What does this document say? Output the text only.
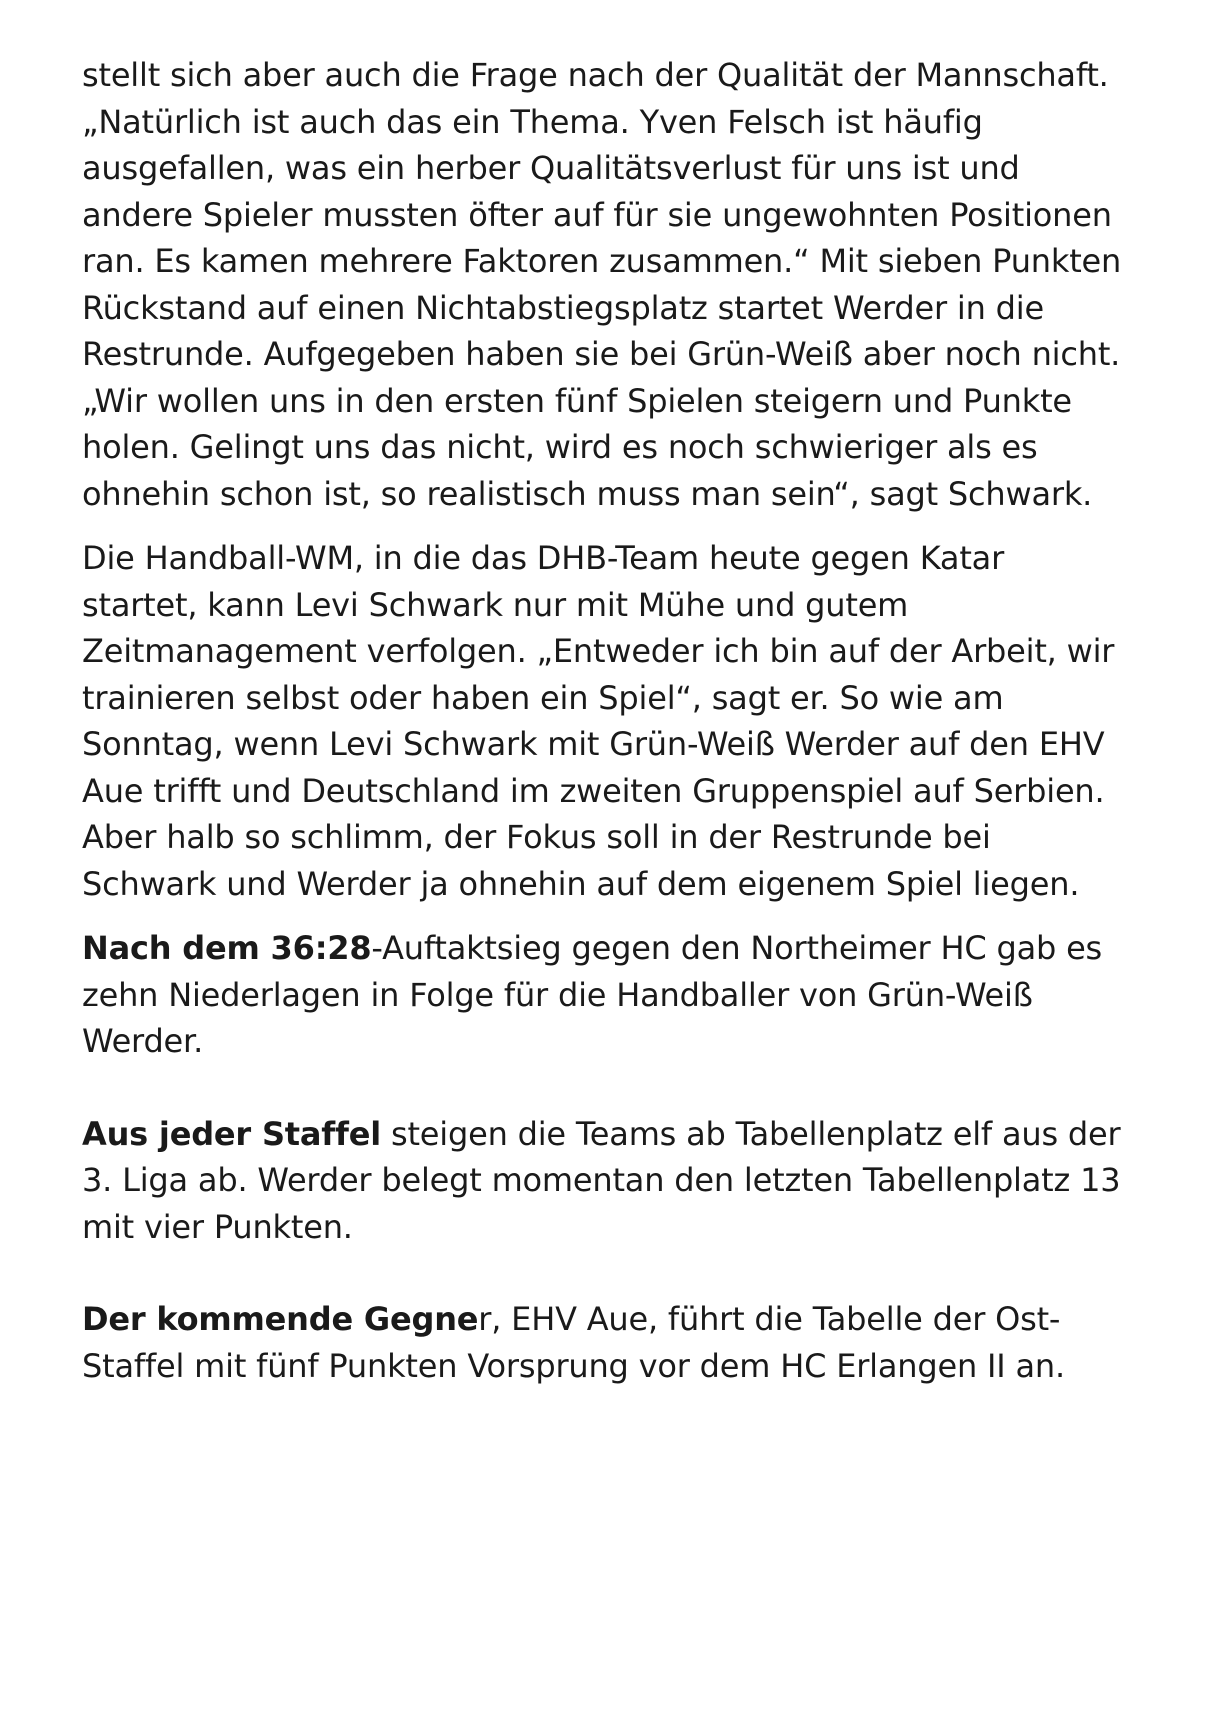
stellt sich aber auch die Frage nach der Qualität der Mannschaft.
„Natürlich ist auch das ein Thema. Yven Felsch ist häufig
ausgefallen, was ein herber Qualitätsverlust für uns ist und
andere Spieler mussten öfter auf für sie ungewohnten Positionen
ran. Es kamen mehrere Faktoren zusammen.“ Mit sieben Punkten
Rückstand auf einen Nichtabstiegsplatz startet Werder in die
Restrunde. Aufgegeben haben sie bei Grün-Weiß aber noch nicht.
„Wir wollen uns in den ersten fünf Spielen steigern und Punkte
holen. Gelingt uns das nicht, wird es noch schwieriger als es
ohnehin schon ist, so realistisch muss man sein“, sagt Schwark.

Die Handball-WM, in die das DHB-Team heute gegen Katar
startet, kann Levi Schwark nur mit Mühe und gutem
Zeitmanagement verfolgen. „Entweder ich bin auf der Arbeit, wir
trainieren selbst oder haben ein Spiel“, sagt er. So wie am
Sonntag, wenn Levi Schwark mit Grün-Weiß Werder auf den EHV
Aue trifft und Deutschland im zweiten Gruppenspiel auf Serbien.
Aber halb so schlimm, der Fokus soll in der Restrunde bei
Schwark und Werder ja ohnehin auf dem eigenem Spiel liegen.

Nach dem 36:28-Auftaktsieg gegen den Northeimer HC gab es
zehn Niederlagen in Folge für die Handballer von Grün-Weiß
Werder.

Aus jeder Staffel steigen die Teams ab Tabellenplatz elf aus der
3. Liga ab. Werder belegt momentan den letzten Tabellenplatz 13
mit vier Punkten.

Der kommende Gegner, EHV Aue, führt die Tabelle der Ost-
Staffel mit fünf Punkten Vorsprung vor dem HC Erlangen II an.
